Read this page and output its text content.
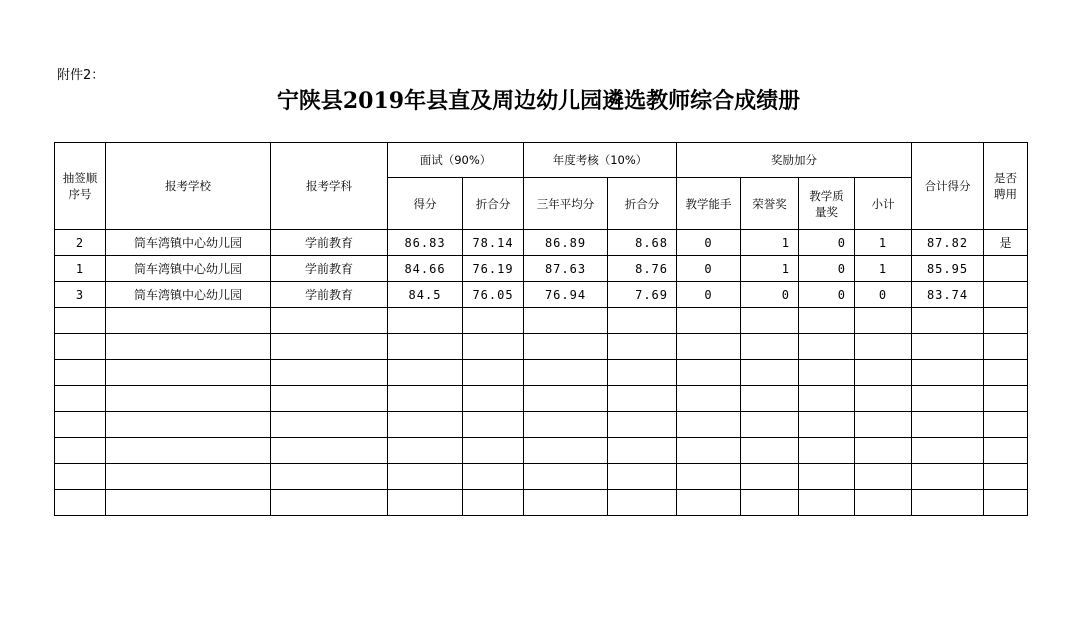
附件2：
宁陕县2019年县直及周边幼儿园遴选教师综合成绩册
抽签顺序号	报考学校	报考学科	面试（90%）		年度考核（10%）		奖励加分				合计得分	是否聘用
			得分	折合分	三年平均分	折合分	教学能手	荣誉奖	教学质量奖	小计		
2	筒车湾镇中心幼儿园	学前教育	86.83	78.14	86.89	8.68	0	1	0	1	87.82	是
1	筒车湾镇中心幼儿园	学前教育	84.66	76.19	87.63	8.76	0	1	0	1	85.95	
3	筒车湾镇中心幼儿园	学前教育	84.5	76.05	76.94	7.69	0	0	0	0	83.74	
